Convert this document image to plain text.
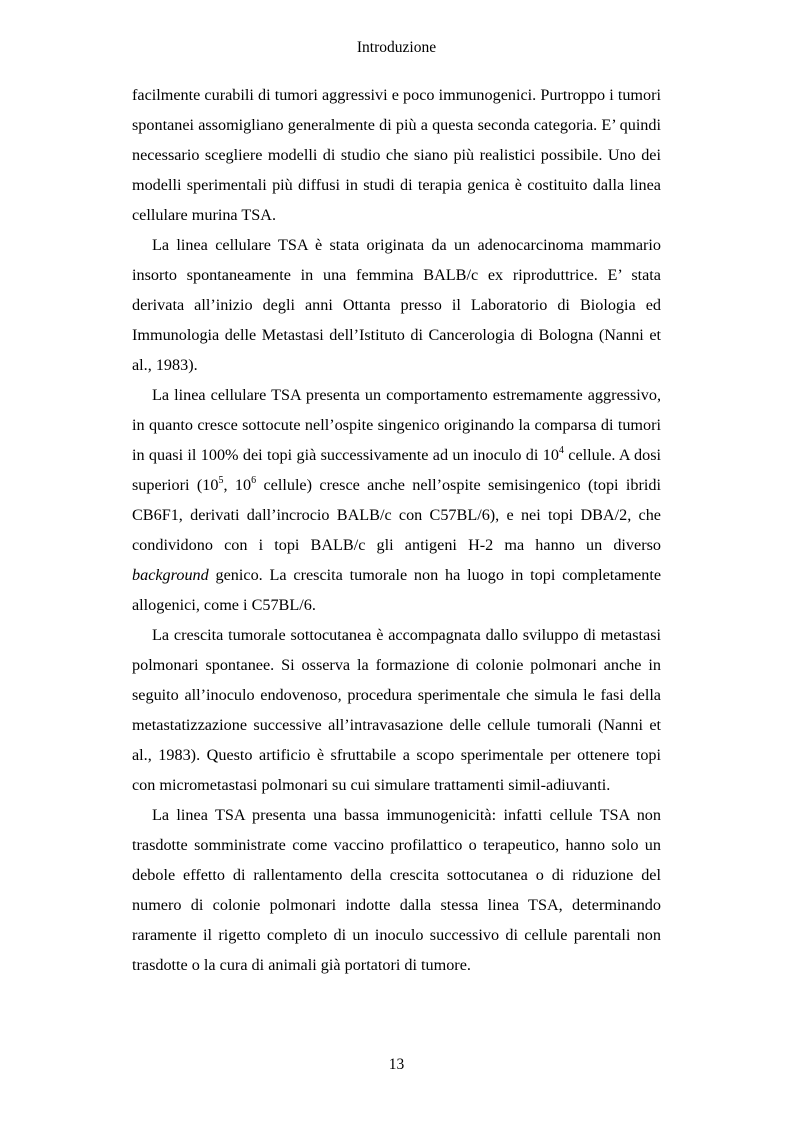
Introduzione

facilmente curabili di tumori aggressivi e poco immunogenici. Purtroppo i tumori spontanei assomigliano generalmente di più a questa seconda categoria. E’ quindi necessario scegliere modelli di studio che siano più realistici possibile. Uno dei modelli sperimentali più diffusi in studi di terapia genica è costituito dalla linea cellulare murina TSA.

La linea cellulare TSA è stata originata da un adenocarcinoma mammario insorto spontaneamente in una femmina BALB/c ex riproduttrice. E’ stata derivata all’inizio degli anni Ottanta presso il Laboratorio di Biologia ed Immunologia delle Metastasi dell’Istituto di Cancerologia di Bologna (Nanni et al., 1983).

La linea cellulare TSA presenta un comportamento estremamente aggressivo, in quanto cresce sottocute nell’ospite singenico originando la comparsa di tumori in quasi il 100% dei topi già successivamente ad un inoculo di $10^4$ cellule. A dosi superiori ($10^5$, $10^6$ cellule) cresce anche nell’ospite semisingenico (topi ibridi CB6F1, derivati dall’incrocio BALB/c con C57BL/6), e nei topi DBA/2, che condividono con i topi BALB/c gli antigeni H-2 ma hanno un diverso background genico. La crescita tumorale non ha luogo in topi completamente allogenici, come i C57BL/6.

La crescita tumorale sottocutanea è accompagnata dallo sviluppo di metastasi polmonari spontanee. Si osserva la formazione di colonie polmonari anche in seguito all’inoculo endovenoso, procedura sperimentale che simula le fasi della metastatizzazione successive all’intravasazione delle cellule tumorali (Nanni et al., 1983). Questo artificio è sfruttabile a scopo sperimentale per ottenere topi con micrometastasi polmonari su cui simulare trattamenti simil-adiuvanti.

La linea TSA presenta una bassa immunogenicità: infatti cellule TSA non trasdotte somministrate come vaccino profilattico o terapeutico, hanno solo un debole effetto di rallentamento della crescita sottocutanea o di riduzione del numero di colonie polmonari indotte dalla stessa linea TSA, determinando raramente il rigetto completo di un inoculo successivo di cellule parentali non trasdotte o la cura di animali già portatori di tumore.

13
